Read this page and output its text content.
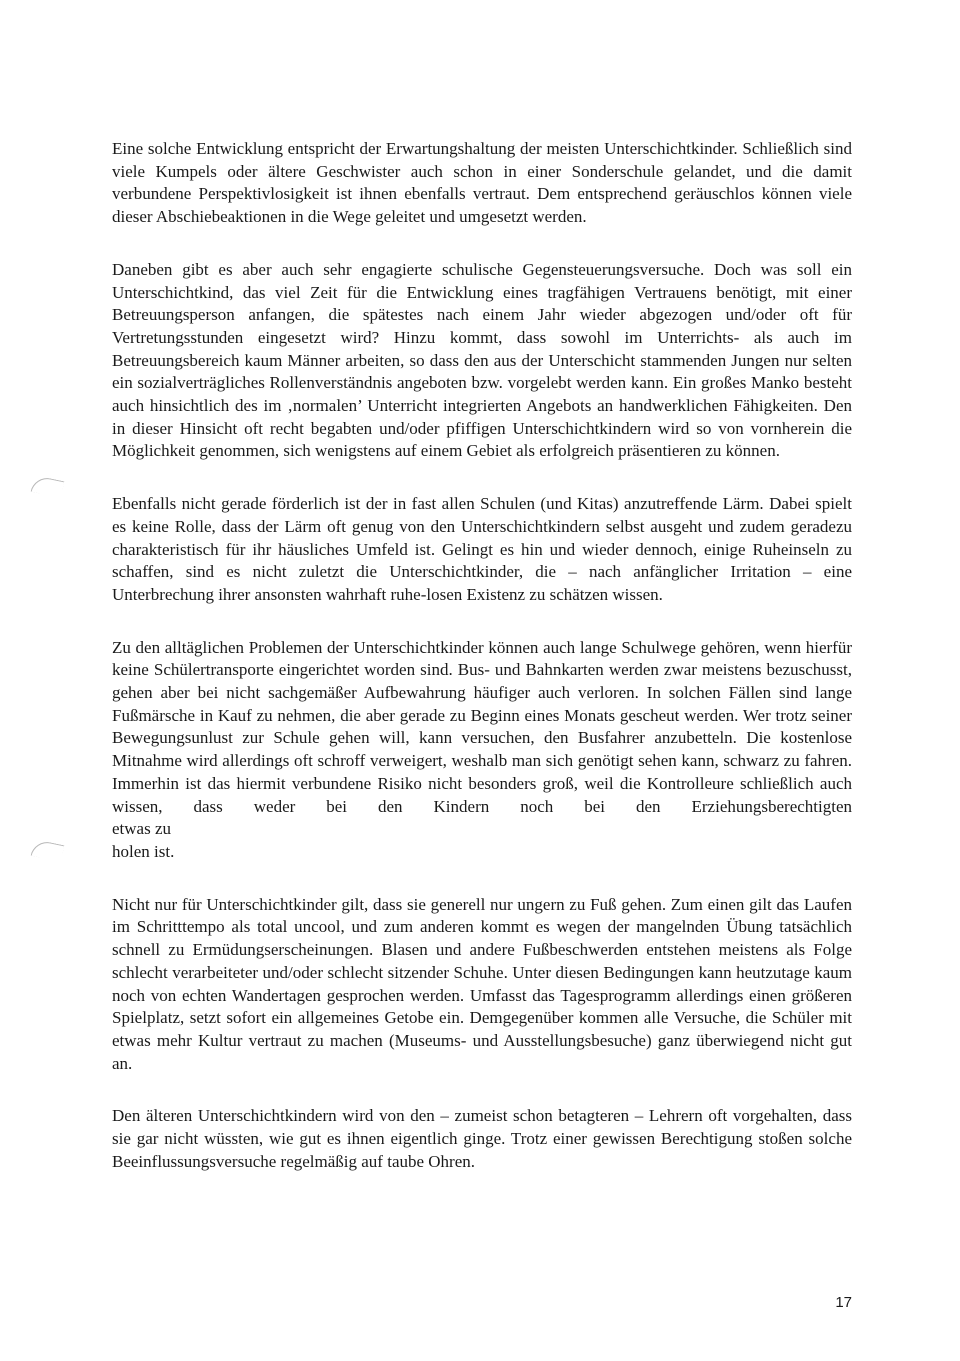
Eine solche Entwicklung entspricht der Erwartungshaltung der meisten Unterschichtkinder. Schließlich sind viele Kumpels oder ältere Geschwister auch schon in einer Sonderschule gelandet, und die damit verbundene Perspektivlosigkeit ist ihnen ebenfalls vertraut. Dem entsprechend geräuschlos können viele dieser Abschiebeaktionen in die Wege geleitet und umgesetzt werden.

Daneben gibt es aber auch sehr engagierte schulische Gegensteuerungsversuche. Doch was soll ein Unterschichtkind, das viel Zeit für die Entwicklung eines tragfähigen Vertrauens benötigt, mit einer Betreuungsperson anfangen, die spätestes nach einem Jahr wieder abgezogen und/oder oft für Vertretungsstunden eingesetzt wird? Hinzu kommt, dass sowohl im Unterrichts- als auch im Betreuungsbereich kaum Männer arbeiten, so dass den aus der Unterschicht stammenden Jungen nur selten ein sozialverträgliches Rollenverständnis angeboten bzw. vorgelebt werden kann. Ein großes Manko besteht auch hinsichtlich des im ‚normalen’ Unterricht integrierten Angebots an handwerklichen Fähigkeiten. Den in dieser Hinsicht oft recht begabten und/oder pfiffigen Unterschichtkindern wird so von vornherein die Möglichkeit genommen, sich wenigstens auf einem Gebiet als erfolgreich präsentieren zu können.

Ebenfalls nicht gerade förderlich ist der in fast allen Schulen (und Kitas) anzutreffende Lärm. Dabei spielt es keine Rolle, dass der Lärm oft genug von den Unterschichtkindern selbst ausgeht und zudem geradezu charakteristisch für ihr häusliches Umfeld ist. Gelingt es hin und wieder dennoch, einige Ruheinseln zu schaffen, sind es nicht zuletzt die Unterschichtkinder, die – nach anfänglicher Irritation – eine Unterbrechung ihrer ansonsten wahrhaft ruhe-losen Existenz zu schätzen wissen.

Zu den alltäglichen Problemen der Unterschichtkinder können auch lange Schulwege gehören, wenn hierfür keine Schülertransporte eingerichtet worden sind. Bus- und Bahnkarten werden zwar meistens bezuschusst, gehen aber bei nicht sachgemäßer Aufbewahrung häufiger auch verloren. In solchen Fällen sind lange Fußmärsche in Kauf zu nehmen, die aber gerade zu Beginn eines Monats gescheut werden. Wer trotz seiner Bewegungsunlust zur Schule gehen will, kann versuchen, den Busfahrer anzubetteln. Die kostenlose Mitnahme wird allerdings oft schroff verweigert, weshalb man sich genötigt sehen kann, schwarz zu fahren. Immerhin ist das hiermit verbundene Risiko nicht besonders groß, weil die Kontrolleure schließlich auch wissen, dass weder bei den Kindern noch bei den Erziehungsberechtigten
etwas zu
holen ist.

Nicht nur für Unterschichtkinder gilt, dass sie generell nur ungern zu Fuß gehen. Zum einen gilt das Laufen im Schritttempo als total uncool, und zum anderen kommt es wegen der mangelnden Übung tatsächlich schnell zu Ermüdungserscheinungen. Blasen und andere Fußbeschwerden entstehen meistens als Folge schlecht verarbeiteter und/oder schlecht sitzender Schuhe. Unter diesen Bedingungen kann heutzutage kaum noch von echten Wandertagen gesprochen werden. Umfasst das Tagesprogramm allerdings einen größeren Spielplatz, setzt sofort ein allgemeines Getobe ein. Demgegenüber kommen alle Versuche, die Schüler mit etwas mehr Kultur vertraut zu machen (Museums- und Ausstellungsbesuche) ganz überwiegend nicht gut an.

Den älteren Unterschichtkindern wird von den – zumeist schon betagteren – Lehrern oft vorgehalten, dass sie gar nicht wüssten, wie gut es ihnen eigentlich ginge. Trotz einer gewissen Berechtigung stoßen solche Beeinflussungsversuche regelmäßig auf taube Ohren.

17
